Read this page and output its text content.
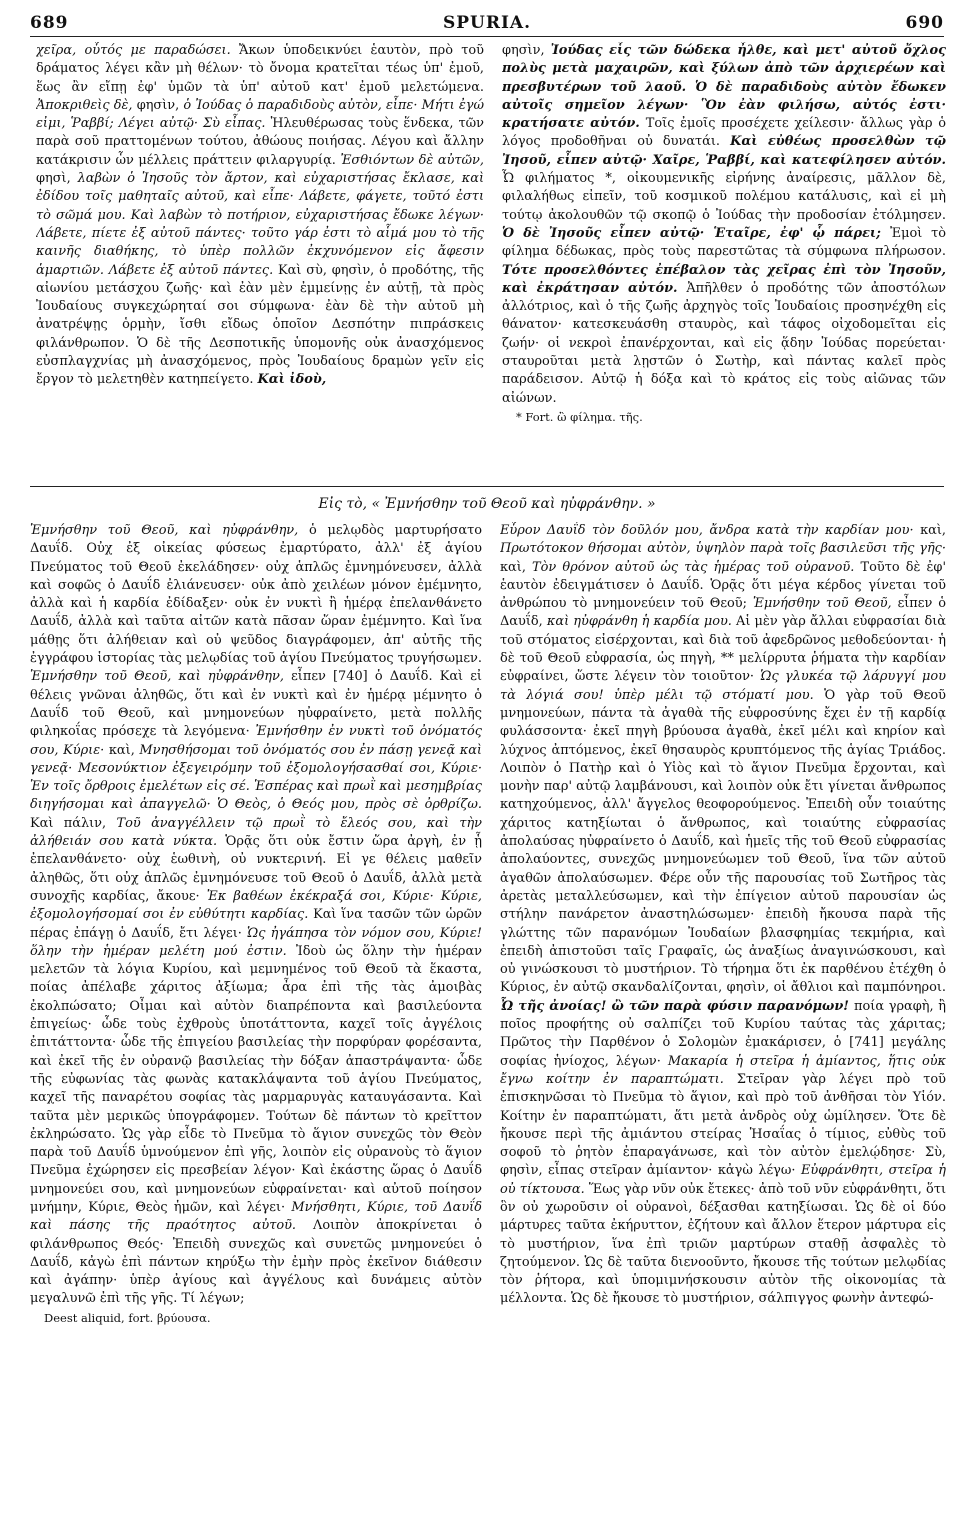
689	SPURIA.	690

χεῖρα, οὗτός με παραδώσει. Ἄκων ὑποδεικνύει ἑαυτὸν, πρὸ τοῦ δράματος λέγει κἂν μὴ θέλων· τὸ ὄνομα κρατεῖται τέως ὑπ' ἐμοῦ, ἕως ἂν εἴπῃ ἐφ' ὑμῶν τὰ ὑπ' αὐτοῦ κατ' ἐμοῦ μελετώμενα. Ἀποκριθεὶς δὲ, φησὶν, ὁ Ἰούδας ὁ παραδιδοὺς αὐτὸν, εἶπε· Μήτι ἐγώ εἰμι, Ῥαββί; Λέγει αὐτῷ· Σὺ εἶπας. Ἠλευθέρωσας τοὺς ἕνδεκα, τῶν παρὰ σοῦ πραττομένων τούτου, ἀθώους ποιήσας. Λέγου καὶ ἄλλην κατάκρισιν ὧν μέλλεις πράττειν φιλαργυρίᾳ. Ἐσθιόντων δὲ αὐτῶν, φησὶ, λαβὼν ὁ Ἰησοῦς τὸν ἄρτον, καὶ εὐχαριστήσας ἔκλασε, καὶ ἐδίδου τοῖς μαθηταῖς αὐτοῦ, καὶ εἶπε· Λάβετε, φάγετε, τοῦτό ἐστι τὸ σῶμά μου. Καὶ λαβὼν τὸ ποτήριον, εὐχαριστήσας ἔδωκε λέγων· Λάβετε, πίετε ἐξ αὐτοῦ πάντες· τοῦτο γάρ ἐστι τὸ αἷμά μου τὸ τῆς καινῆς διαθήκης, τὸ ὑπὲρ πολλῶν ἐκχυνόμενον εἰς ἄφεσιν ἁμαρτιῶν. Λάβετε ἐξ αὐτοῦ πάντες. Καὶ σὺ, φησὶν, ὁ προδότης, τῆς αἰωνίου μετάσχου ζωῆς· καὶ ἐὰν μὲν ἐμμείνῃς ἐν αὐτῇ, τὰ πρὸς Ἰουδαίους συγκεχώρηταί σοι σύμφωνα· ἐὰν δὲ τὴν αὐτοῦ μὴ ἀνατρέψῃς ὁρμὴν, ἴσθι εἴδως ὁποῖον Δεσπότην πιπράσκεις φιλάνθρωπον. Ὁ δὲ τῆς Δεσποτικῆς ὑπομονῆς οὐκ ἀνασχόμενος εὐσπλαγχνίας μὴ ἀνασχόμενος, πρὸς Ἰουδαίους δραμὼν γεῖν εἰς ἔργον τὸ μελετηθὲν κατηπείγετο. Καὶ ἰδοὺ,

φησὶν, Ἰούδας εἷς τῶν δώδεκα ἦλθε, καὶ μετ' αὐτοῦ ὄχλος πολὺς μετὰ μαχαιρῶν, καὶ ξύλων ἀπὸ τῶν ἀρχιερέων καὶ πρεσβυτέρων τοῦ λαοῦ. Ὁ δὲ παραδιδοὺς αὐτὸν ἔδωκεν αὐτοῖς σημεῖον λέγων· Ὃν ἐὰν φιλήσω, αὐτός ἐστι· κρατήσατε αὐτόν. Τοῖς ἐμοῖς προσέχετε χείλεσιν· ἄλλως γὰρ ὁ λόγος προδοθῆναι οὐ δυνατάι. Καὶ εὐθέως προσελθὼν τῷ Ἰησοῦ, εἶπεν αὐτῷ· Χαῖρε, Ῥαββί, καὶ κατεφίλησεν αὐτόν. Ὦ φιλήματος *, οἰκουμενικῆς εἰρήνης ἀναίρεσις, μᾶλλον δὲ, φιλαλήθως εἰπεῖν, τοῦ κοσμικοῦ πολέμου κατάλυσις, καὶ εἰ μὴ τούτῳ ἀκολουθῶν τῷ σκοπῷ ὁ Ἰούδας τὴν προδοσίαν ἐτόλμησεν. Ὁ δὲ Ἰησοῦς εἶπεν αὐτῷ· Ἑταῖρε, ἐφ' ᾧ πάρει; Ἐμοὶ τὸ φίλημα δέδωκας, πρὸς τοὺς παρεστῶτας τὰ σύμφωνα πλήρωσον. Τότε προσελθόντες ἐπέβαλον τὰς χεῖρας ἐπὶ τὸν Ἰησοῦν, καὶ ἐκράτησαν αὐτόν. Ἀπῆλθεν ὁ προδότης τῶν ἀποστόλων ἀλλότριος, καὶ ὁ τῆς ζωῆς ἀρχηγὸς τοῖς Ἰουδαίοις προσηνέχθη εἰς θάνατον· κατεσκευάσθη σταυρὸς, καὶ τάφος οἰχοδομεῖται εἰς ζωήν· οἱ νεκροὶ ἐπανέρχονται, καὶ εἰς ᾅδην Ἰούδας πορεύεται· σταυροῦται μετὰ λῃστῶν ὁ Σωτὴρ, καὶ πάντας καλεῖ πρὸς παράδεισον. Αὐτῷ ἡ δόξα καὶ τὸ κράτος εἰς τοὺς αἰῶνας τῶν αἰώνων.

* Fort. ὢ φίλημα. τῆς.

Εἰς τὸ, « Ἐμνήσθην τοῦ Θεοῦ καὶ ηὐφράνθην. »

Ἐμνήσθην τοῦ Θεοῦ, καὶ ηὐφράνθην, ὁ μελῳδὸς μαρτυρήσατο Δαυΐδ. Οὐχ ἐξ οἰκείας φύσεως ἐμαρτύρατο, ἀλλ' ἐξ ἁγίου Πνεύματος τοῦ Θεοῦ ἐκελάδησεν· οὐχ ἁπλῶς ἐμνημόνευσεν, ἀλλὰ καὶ σοφῶς ὁ Δαυΐδ ἐλιάνευσεν· οὐκ ἀπὸ χειλέων μόνον ἐμέμνητο, ἀλλὰ καὶ ἡ καρδία ἐδίδαξεν· οὐκ ἐν νυκτὶ ἢ ἡμέρᾳ ἐπελανθάνετο Δαυΐδ, ἀλλὰ καὶ ταῦτα αἰτῶν κατὰ πᾶσαν ὥραν ἐμέμνητο. Καὶ ἵνα μάθῃς ὅτι ἀλήθειαν καὶ οὐ ψεῦδος διαγράφομεν, ἀπ' αὐτῆς τῆς ἐγγράφου ἱστορίας τὰς μελῳδίας τοῦ ἁγίου Πνεύματος τρυγήσωμεν. Ἐμνήσθην τοῦ Θεοῦ, καὶ ηὐφράνθην, εἶπεν [740] ὁ Δαυΐδ. Καὶ εἰ θέλεις γνῶναι ἀληθῶς, ὅτι καὶ ἐν νυκτὶ καὶ ἐν ἡμέρᾳ μέμνητο ὁ Δαυΐδ τοῦ Θεοῦ, καὶ μνημονεύων ηὐφραίνετο, μετὰ πολλῆς φιληκοΐας πρόσεχε τὰ λεγόμενα· Ἐμνήσθην ἐν νυκτὶ τοῦ ὀνόματός σου, Κύριε· καὶ, Μνησθήσομαι τοῦ ὀνόματός σου ἐν πάσῃ γενεᾷ καὶ γενεᾷ· Μεσονύκτιον ἐξεγειρόμην τοῦ ἐξομολογήσασθαί σοι, Κύριε· Ἐν τοῖς ὄρθροις ἐμελέτων εἰς σέ. Ἑσπέρας καὶ πρωῒ καὶ μεσημβρίας διηγήσομαι καὶ ἀπαγγελῶ· Ὁ Θεὸς, ὁ Θεός μου, πρὸς σὲ ὀρθρίζω. Καὶ πάλιν, Τοῦ ἀναγγέλλειν τῷ πρωῒ τὸ ἔλεός σου, καὶ τὴν ἀλήθειάν σου κατὰ νύκτα. Ὁρᾷς ὅτι οὐκ ἔστιν ὥρα ἀργὴ, ἐν ᾗ ἐπελανθάνετο· οὐχ ἑωθινὴ, οὐ νυκτερινή. Εἰ γε θέλεις μαθεῖν ἀληθῶς, ὅτι οὐχ ἁπλῶς ἐμνημόνευσε τοῦ Θεοῦ ὁ Δαυΐδ, ἀλλὰ μετὰ συνοχῆς καρδίας, ἄκουε· Ἐκ βαθέων ἐκέκραξά σοι, Κύριε· Κύριε, ἐξομολογήσομαί σοι ἐν εὐθύτητι καρδίας. Καὶ ἵνα τασῶν τῶν ὡρῶν πέρας ἐπάγῃ ὁ Δαυΐδ, ἔτι λέγει· Ὡς ἠγάπησα τὸν νόμον σου, Κύριε! ὅλην τὴν ἡμέραν μελέτη μού ἐστιν. Ἰδοὺ ὡς ὅλην τὴν ἡμέραν μελετῶν τὰ λόγια Κυρίου, καὶ μεμνημένος τοῦ Θεοῦ τὰ ἕκαστα, ποίας ἀπέλαβε χάριτος ἀξίωμα; ἆρα ἐπὶ τῆς τὰς ἀμοιβὰς ἐκολπώσατο; Οἶμαι καὶ αὐτὸν διαπρέποντα καὶ βασιλεύοντα ἐπιγείως· ὧδε τοὺς ἐχθροὺς ὑποτάττοντα, καχεῖ τοῖς ἀγγέλοις ἐπιτάττοντα· ὧδε τῆς ἐπιγείου βασιλείας τὴν πορφύραν φορέσαντα, καὶ ἐκεῖ τῆς ἐν οὐρανῷ βασιλείας τὴν δόξαν ἀπαστράψαντα· ὧδε τῆς εὐφωνίας τὰς φωνὰς κατακλάψαντα τοῦ ἁγίου Πνεύματος, καχεῖ τῆς παναρέτου σοφίας τὰς μαρμαρυγὰς καταυγάσαντα. Καὶ ταῦτα μὲν μερικῶς ὑπογράφομεν. Τούτων δὲ πάντων τὸ κρεῖττον ἐκληρώσατο. Ὡς γὰρ εἶδε τὸ Πνεῦμα τὸ ἅγιον συνεχῶς τὸν Θεὸν παρὰ τοῦ Δαυΐδ ὑμνούμενον ἐπὶ γῆς, λοιπὸν εἰς οὐρανοὺς τὸ ἅγιον Πνεῦμα ἐχώρησεν εἰς πρεσβείαν λέγον· Καὶ ἐκάστης ὥρας ὁ Δαυΐδ μνημονεύει σου, καὶ μνημονεύων εὐφραίνεται· καὶ αὐτοῦ ποίησον μνήμην, Κύριε, Θεὸς ἡμῶν, καὶ λέγει· Μνήσθητι, Κύριε, τοῦ Δαυΐδ καὶ πάσης τῆς πραότητος αὐτοῦ. Λοιπὸν ἀποκρίνεται ὁ φιλάνθρωπος Θεός· Ἐπειδὴ συνεχῶς καὶ συνετῶς μνημονεύει ὁ Δαυΐδ, κἀγὼ ἐπὶ πάντων κηρύξω τὴν ἐμὴν πρὸς ἐκεῖνον διάθεσιν καὶ ἀγάπην· ὑπὲρ ἀγίους καὶ ἀγγέλους καὶ δυνάμεις αὐτὸν μεγαλυνῶ ἐπὶ τῆς γῆς. Τί λέγων;

Deest aliquid, fort. βρύουσα.

Εὗρον Δαυΐδ τὸν δοῦλόν μου, ἄνδρα κατὰ τὴν καρδίαν μου· καὶ, Πρωτότοκον θήσομαι αὐτὸν, ὑψηλὸν παρὰ τοῖς βασιλεῦσι τῆς γῆς· καὶ, Τὸν θρόνον αὐτοῦ ὡς τὰς ἡμέρας τοῦ οὐρανοῦ. Τοῦτο δὲ ἐφ' ἑαυτὸν ἐδειγμάτισεν ὁ Δαυΐδ. Ὁρᾷς ὅτι μέγα κέρδος γίνεται τοῦ ἀνθρώπου τὸ μνημονεύειν τοῦ Θεοῦ; Ἐμνήσθην τοῦ Θεοῦ, εἶπεν ὁ Δαυΐδ, καὶ ηὐφράνθη ἡ καρδία μου. Αἱ μὲν γὰρ ἄλλαι εὐφρασίαι διὰ τοῦ στόματος εἰσέρχονται, καὶ διὰ τοῦ ἀφεδρῶνος μεθοδεύονται· ἡ δὲ τοῦ Θεοῦ εὐφρασία, ὡς πηγὴ, ** μελίρρυτα ῥήματα τὴν καρδίαν εὐφραίνει, ὥστε λέγειν τὸν τοιοῦτον· Ὡς γλυκέα τῷ λάρυγγί μου τὰ λόγιά σου! ὑπὲρ μέλι τῷ στόματί μου. Ὁ γὰρ τοῦ Θεοῦ μνημονεύων, πάντα τὰ ἀγαθὰ τῆς εὐφροσύνης ἔχει ἐν τῇ καρδίᾳ φυλάσσοντα· ἐκεῖ πηγὴ βρύουσα ἀγαθὰ, ἐκεῖ μέλι καὶ κηρίον καὶ λύχνος ἀπτόμενος, ἐκεῖ θησαυρὸς κρυπτόμενος τῆς ἁγίας Τριάδος. Λοιπὸν ὁ Πατὴρ καὶ ὁ Υἱὸς καὶ τὸ ἅγιον Πνεῦμα ἔρχονται, καὶ μονὴν παρ' αὐτῷ λαμβάνουσι, καὶ λοιπὸν οὐκ ἔτι γίνεται ἄνθρωπος κατηχούμενος, ἀλλ' ἄγγελος θεοφορούμενος. Ἐπειδὴ οὖν τοιαύτης χάριτος κατηξίωται ὁ ἄνθρωπος, καὶ τοιαύτης εὐφρασίας ἀπολαύσας ηὐφραίνετο ὁ Δαυΐδ, καὶ ἡμεῖς τῆς τοῦ Θεοῦ εὐφρασίας ἀπολαύοντες, συνεχῶς μνημονεύωμεν τοῦ Θεοῦ, ἵνα τῶν αὐτοῦ ἀγαθῶν ἀπολαύσωμεν. Φέρε οὖν τῆς παρουσίας τοῦ Σωτῆρος τὰς ἀρετὰς μεταλλεύσωμεν, καὶ τὴν ἐπίγειον αὐτοῦ παρουσίαν ὡς στήλην πανάρετον ἀναστηλώσωμεν· ἐπειδὴ ἤκουσα παρὰ τῆς γλώττης τῶν παρανόμων Ἰουδαίων βλασφημίας τεκμήρια, καὶ ἐπειδὴ ἀπιστοῦσι ταῖς Γραφαῖς, ὡς ἀναξίως ἀναγινώσκουσι, καὶ οὐ γινώσκουσι τὸ μυστήριον. Τὸ τήρημα ὅτι ἐκ παρθένου ἐτέχθη ὁ Κύριος, ἐν αὐτῷ σκανδαλίζονται, φησὶν, οἱ ἄθλιοι καὶ παμπόνηροι. Ὦ τῆς ἀνοίας! ὢ τῶν παρὰ φύσιν παρανόμων! ποία γραφὴ, ἢ ποῖος προφήτης οὐ σαλπίζει τοῦ Κυρίου ταύτας τὰς χάριτας; Πρῶτος τὴν Παρθένον ὁ Σολομὼν ἐμακάρισεν, ὁ [741] μεγάλης σοφίας ἡνίοχος, λέγων· Μακαρία ἡ στεῖρα ἡ ἀμίαντος, ἥτις οὐκ ἔγνω κοίτην ἐν παραπτώματι. Στεῖραν γὰρ λέγει πρὸ τοῦ ἐπισκηνῶσαι τὸ Πνεῦμα τὸ ἅγιον, καὶ πρὸ τοῦ ἀνθῆσαι τὸν Υἱόν. Κοίτην ἐν παραπτώματι, ἅτι μετὰ ἀνδρὸς οὐχ ὡμίλησεν. Ὅτε δὲ ἤκουσε περὶ τῆς ἀμιάντου στείρας Ἡσαΐας ὁ τίμιος, εὐθὺς τοῦ σοφοῦ τὸ ῥητὸν ἐπαραγάνωσε, καὶ τὸν αὐτὸν ἐμελῴδησε· Σὺ, φησὶν, εἶπας στεῖραν ἀμίαντον· κἀγὼ λέγω· Εὐφράνθητι, στεῖρα ἡ οὐ τίκτουσα. Ἕως γὰρ νῦν οὐκ ἔτεκες· ἀπὸ τοῦ νῦν εὐφράνθητι, ὅτι ὃν οὐ χωροῦσιν οἱ οὐρανοὶ, δέξασθαι κατηξίωσαι. Ὡς δὲ οἱ δύο μάρτυρες ταῦτα ἐκήρυττον, ἐζήτουν καὶ ἄλλον ἕτερον μάρτυρα εἰς τὸ μυστήριον, ἵνα ἐπὶ τριῶν μαρτύρων σταθῇ ἀσφαλὲς τὸ ζητούμενον. Ὡς δὲ ταῦτα διενοοῦντο, ἤκουσε τῆς τούτων μελῳδίας τὸν ῥήτορα, καὶ ὑπομιμνήσκουσιν αὐτὸν τῆς οἰκονομίας τὰ μέλλοντα. Ὡς δὲ ἤκουσε τὸ μυστήριον, σάλπιγγος φωνὴν ἀντεφώ-
